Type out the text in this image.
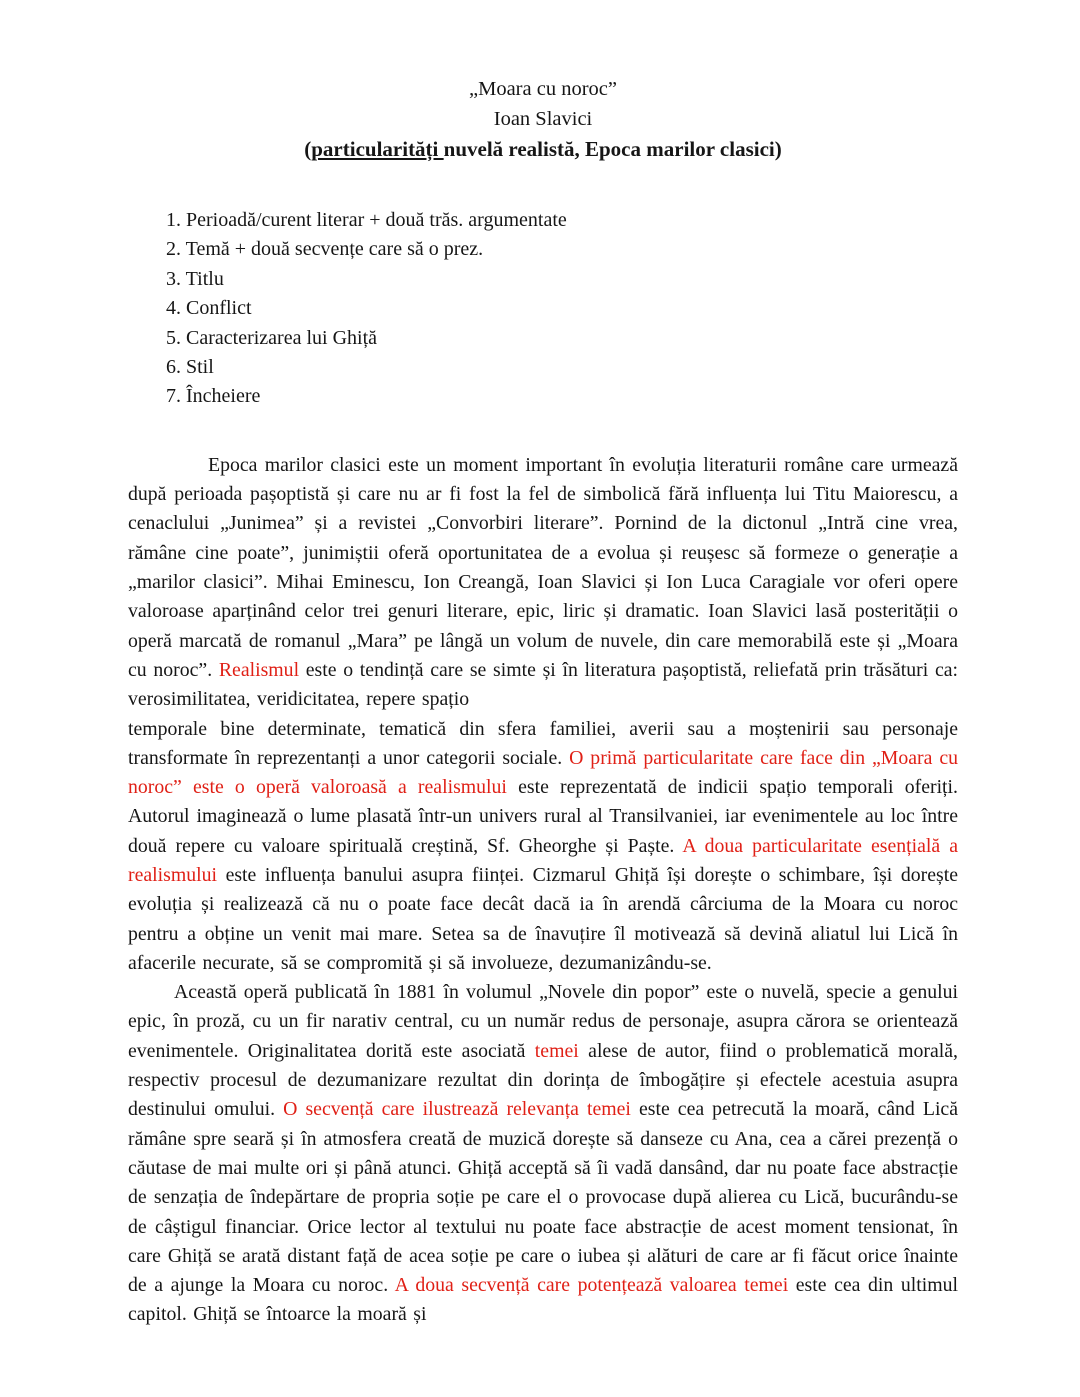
„Moara cu noroc”
Ioan Slavici
(particularități nuvelă realistă, Epoca marilor clasici)
1. Perioadă/curent literar + două trăs. argumentate
2. Temă + două secvențe care să o prez.
3. Titlu
4. Conflict
5. Caracterizarea lui Ghiță
6. Stil
7. Încheiere

Epoca marilor clasici este un moment important în evoluția literaturii române care urmează după perioada pașoptistă și care nu ar fi fost la fel de simbolică fără influența lui Titu Maiorescu, a cenaclului „Junimea” și a revistei „Convorbiri literare”. Pornind de la dictonul „Intră cine vrea, rămâne cine poate”, junimiștii oferă oportunitatea de a evolua și reușesc să formeze o generație a „marilor clasici”. Mihai Eminescu, Ion Creangă, Ioan Slavici și Ion Luca Caragiale vor oferi opere valoroase aparținând celor trei genuri literare, epic, liric și dramatic. Ioan Slavici lasă posterității o operă marcată de romanul „Mara” pe lângă un volum de nuvele, din care memorabilă este și „Moara cu noroc”. Realismul este o tendință care se simte și în literatura pașoptistă, reliefată prin trăsături ca: verosimilitatea, veridicitatea, repere spațio
temporale bine determinate, tematică din sfera familiei, averii sau a moștenirii sau personaje transformate în reprezentanți a unor categorii sociale. O primă particularitate care face din „Moara cu noroc” este o operă valoroasă a realismului este reprezentată de indicii spațio temporali oferiți. Autorul imaginează o lume plasată într-un univers rural al Transilvaniei, iar evenimentele au loc între două repere cu valoare spirituală creștină, Sf. Gheorghe și Paște. A doua particularitate esențială a realismului este influența banului asupra ființei. Cizmarul Ghiță își dorește o schimbare, își dorește evoluția și realizează că nu o poate face decât dacă ia în arendă cârciuma de la Moara cu noroc pentru a obține un venit mai mare. Setea sa de înavuțire îl motivează să devină aliatul lui Lică în afacerile necurate, să se compromită și să involueze, dezumanizându-se.

Această operă publicată în 1881 în volumul „Novele din popor” este o nuvelă, specie a genului epic, în proză, cu un fir narativ central, cu un număr redus de personaje, asupra cărora se orientează evenimentele. Originalitatea dorită este asociată temei alese de autor, fiind o problematică morală, respectiv procesul de dezumanizare rezultat din dorința de îmbogățire și efectele acestuia asupra destinului omului. O secvență care ilustrează relevanța temei este cea petrecută la moară, când Lică rămâne spre seară și în atmosfera creată de muzică dorește să danseze cu Ana, cea a cărei prezență o căutase de mai multe ori și până atunci. Ghiță acceptă să îi vadă dansând, dar nu poate face abstracție de senzația de îndepărtare de propria soție pe care el o provocase după alierea cu Lică, bucurându-se de câștigul financiar. Orice lector al textului nu poate face abstracție de acest moment tensionat, în care Ghiță se arată distant față de acea soție pe care o iubea și alături de care ar fi făcut orice înainte de a ajunge la Moara cu noroc. A doua secvență care potențează valoarea temei este cea din ultimul capitol. Ghiță se întoarce la moară și
